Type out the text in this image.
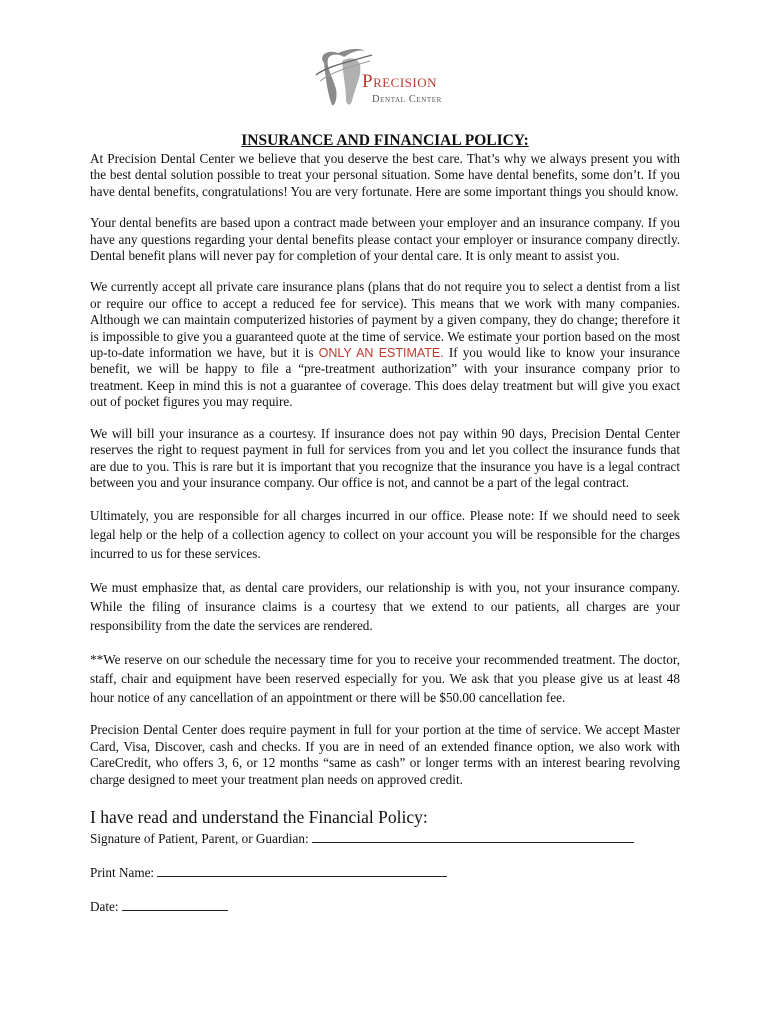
Precision
Dental Center
INSURANCE AND FINANCIAL POLICY:

At Precision Dental Center we believe that you deserve the best care. That’s why we always present you with the best dental solution possible to treat your personal situation. Some have dental benefits, some don’t. If you have dental benefits, congratulations! You are very fortunate. Here are some important things you should know.

Your dental benefits are based upon a contract made between your employer and an insurance company. If you have any questions regarding your dental benefits please contact your employer or insurance company directly. Dental benefit plans will never pay for completion of your dental care. It is only meant to assist you.

We currently accept all private care insurance plans (plans that do not require you to select a dentist from a list or require our office to accept a reduced fee for service). This means that we work with many companies. Although we can maintain computerized histories of payment by a given company, they do change; therefore it is impossible to give you a guaranteed quote at the time of service. We estimate your portion based on the most up-to-date information we have, but it is ONLY AN ESTIMATE. If you would like to know your insurance benefit, we will be happy to file a “pre-treatment authorization” with your insurance company prior to treatment. Keep in mind this is not a guarantee of coverage. This does delay treatment but will give you exact out of pocket figures you may require.

We will bill your insurance as a courtesy. If insurance does not pay within 90 days, Precision Dental Center reserves the right to request payment in full for services from you and let you collect the insurance funds that are due to you. This is rare but it is important that you recognize that the insurance you have is a legal contract between you and your insurance company. Our office is not, and cannot be a part of the legal contract.

Ultimately, you are responsible for all charges incurred in our office. Please note: If we should need to seek legal help or the help of a collection agency to collect on your account you will be responsible for the charges incurred to us for these services.

We must emphasize that, as dental care providers, our relationship is with you, not your insurance company. While the filing of insurance claims is a courtesy that we extend to our patients, all charges are your responsibility from the date the services are rendered.

**We reserve on our schedule the necessary time for you to receive your recommended treatment. The doctor, staff, chair and equipment have been reserved especially for you. We ask that you please give us at least 48 hour notice of any cancellation of an appointment or there will be $50.00 cancellation fee.

Precision Dental Center does require payment in full for your portion at the time of service. We accept Master Card, Visa, Discover, cash and checks. If you are in need of an extended finance option, we also work with CareCredit, who offers 3, 6, or 12 months “same as cash” or longer terms with an interest bearing revolving charge designed to meet your treatment plan needs on approved credit.

I have read and understand the Financial Policy:

Signature of Patient, Parent, or Guardian:

Print Name:

Date:
